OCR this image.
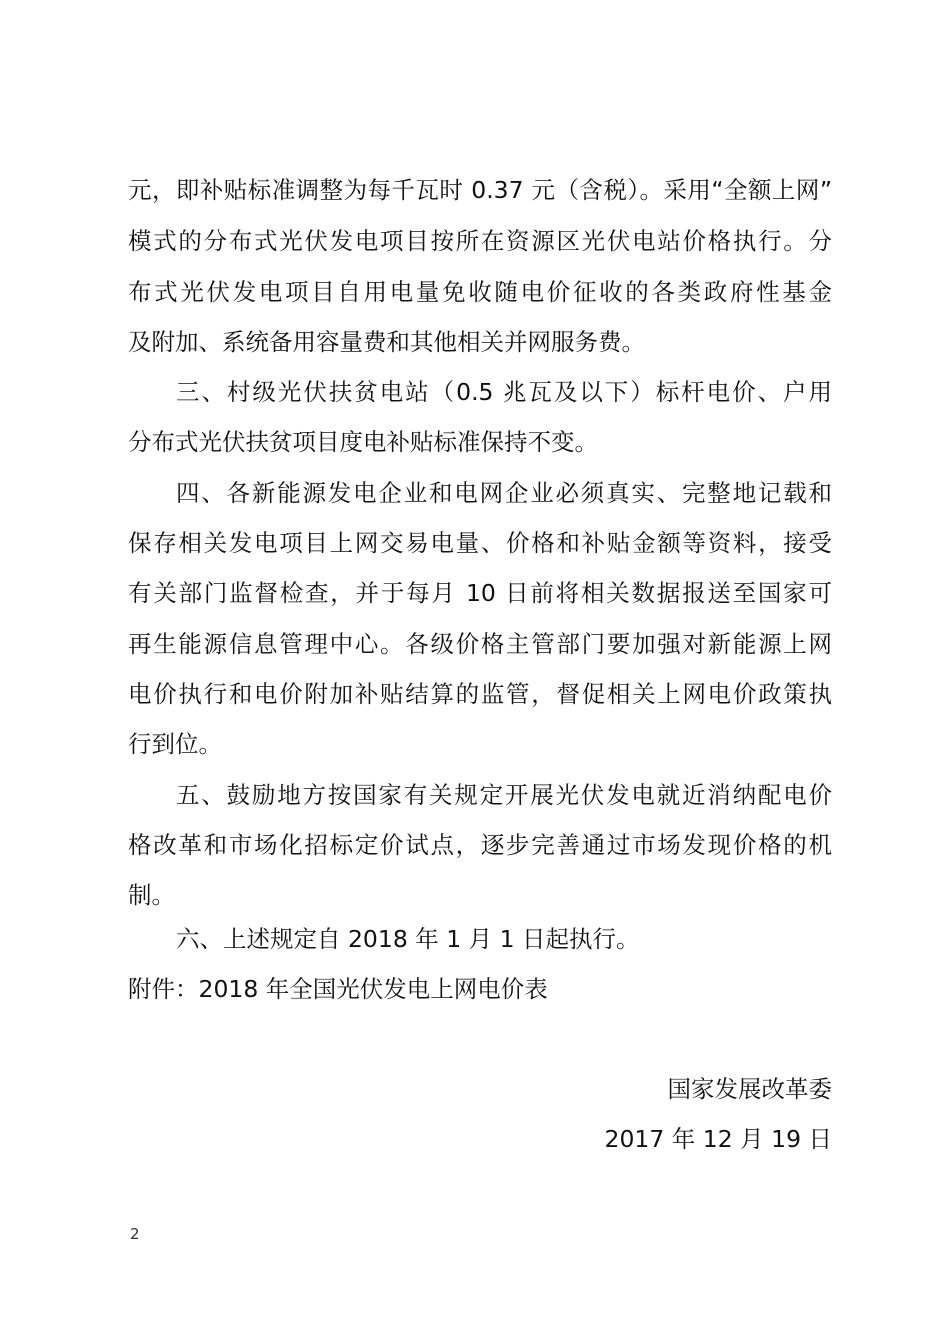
元，即补贴标准调整为每千瓦时 0.37 元（含税）。采用“全额上网”
模式的分布式光伏发电项目按所在资源区光伏电站价格执行。分
布式光伏发电项目自用电量免收随电价征收的各类政府性基金
及附加、系统备用容量费和其他相关并网服务费。
三、村级光伏扶贫电站（0.5 兆瓦及以下）标杆电价、户用
分布式光伏扶贫项目度电补贴标准保持不变。
四、各新能源发电企业和电网企业必须真实、完整地记载和
保存相关发电项目上网交易电量、价格和补贴金额等资料，接受
有关部门监督检查，并于每月 10 日前将相关数据报送至国家可
再生能源信息管理中心。各级价格主管部门要加强对新能源上网
电价执行和电价附加补贴结算的监管，督促相关上网电价政策执
行到位。
五、鼓励地方按国家有关规定开展光伏发电就近消纳配电价
格改革和市场化招标定价试点，逐步完善通过市场发现价格的机
制。
六、上述规定自 2018 年 1 月 1 日起执行。
附件：2018 年全国光伏发电上网电价表
国家发展改革委
2017 年 12 月 19 日
2
